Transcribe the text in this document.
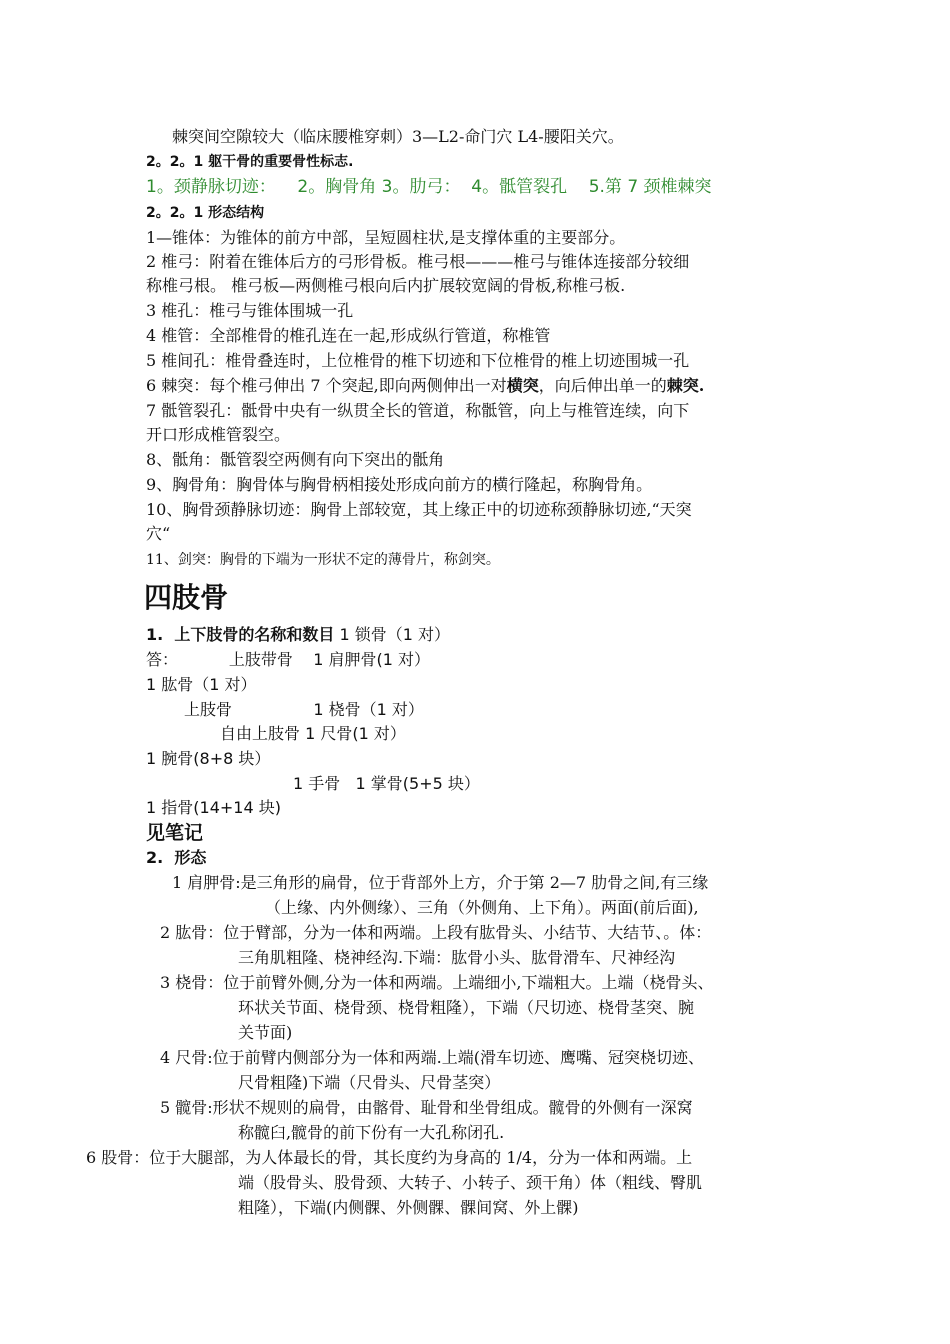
棘突间空隙较大（临床腰椎穿刺）3—L2-命门穴 L4-腰阳关穴。
2。2。1 躯干骨的重要骨性标志.
1。颈静脉切迹：    2。胸骨角 3。肋弓：  4。骶管裂孔    5.第 7 颈椎棘突
2。2。1 形态结构
1—锥体：为锥体的前方中部，呈短圆柱状,是支撑体重的主要部分。
2 椎弓：附着在锥体后方的弓形骨板。椎弓根———椎弓与锥体连接部分较细
称椎弓根。 椎弓板—两侧椎弓根向后内扩展较宽阔的骨板,称椎弓板.
3 椎孔：椎弓与锥体围城一孔
4 椎管：全部椎骨的椎孔连在一起,形成纵行管道，称椎管
5 椎间孔：椎骨叠连时，上位椎骨的椎下切迹和下位椎骨的椎上切迹围城一孔
6 棘突：每个椎弓伸出 7 个突起,即向两侧伸出一对横突，向后伸出单一的棘突.
7 骶管裂孔：骶骨中央有一纵贯全长的管道，称骶管，向上与椎管连续，向下
开口形成椎管裂空。
8、骶角：骶管裂空两侧有向下突出的骶角
9、胸骨角：胸骨体与胸骨柄相接处形成向前方的横行隆起，称胸骨角。
10、胸骨颈静脉切迹：胸骨上部较宽，其上缘正中的切迹称颈静脉切迹,“天突
穴“
11、剑突：胸骨的下端为一形状不定的薄骨片，称剑突。
四肢骨
1.  上下肢骨的名称和数目 1 锁骨（1 对）
答：          上肢带骨    1 肩胛骨(1 对）
1 肱骨（1 对）
上肢骨                1 桡骨（1 对）
自由上肢骨 1 尺骨(1 对）
1 腕骨(8+8 块）
1 手骨   1 掌骨(5+5 块）
1 指骨(14+14 块)
见笔记
2.  形态
1 肩胛骨:是三角形的扁骨，位于背部外上方，介于第 2—7 肋骨之间,有三缘
（上缘、内外侧缘）、三角（外侧角、上下角）。两面(前后面),
2 肱骨：位于臂部，分为一体和两端。上段有肱骨头、小结节、大结节、。体：
三角肌粗隆、桡神经沟.下端：肱骨小头、肱骨滑车、尺神经沟
3 桡骨：位于前臂外侧,分为一体和两端。上端细小,下端粗大。上端（桡骨头、
环状关节面、桡骨颈、桡骨粗隆），下端（尺切迹、桡骨茎突、腕
关节面)
4 尺骨:位于前臂内侧部分为一体和两端.上端(滑车切迹、鹰嘴、冠突桡切迹、
尺骨粗隆)下端（尺骨头、尺骨茎突）
5 髋骨:形状不规则的扁骨，由髂骨、耻骨和坐骨组成。髋骨的外侧有一深窝
称髋臼,髋骨的前下份有一大孔称闭孔.
6 股骨：位于大腿部，为人体最长的骨，其长度约为身高的 1/4，分为一体和两端。上
端（股骨头、股骨颈、大转子、小转子、颈干角）体（粗线、臀肌
粗隆），下端(内侧髁、外侧髁、髁间窝、外上髁)
